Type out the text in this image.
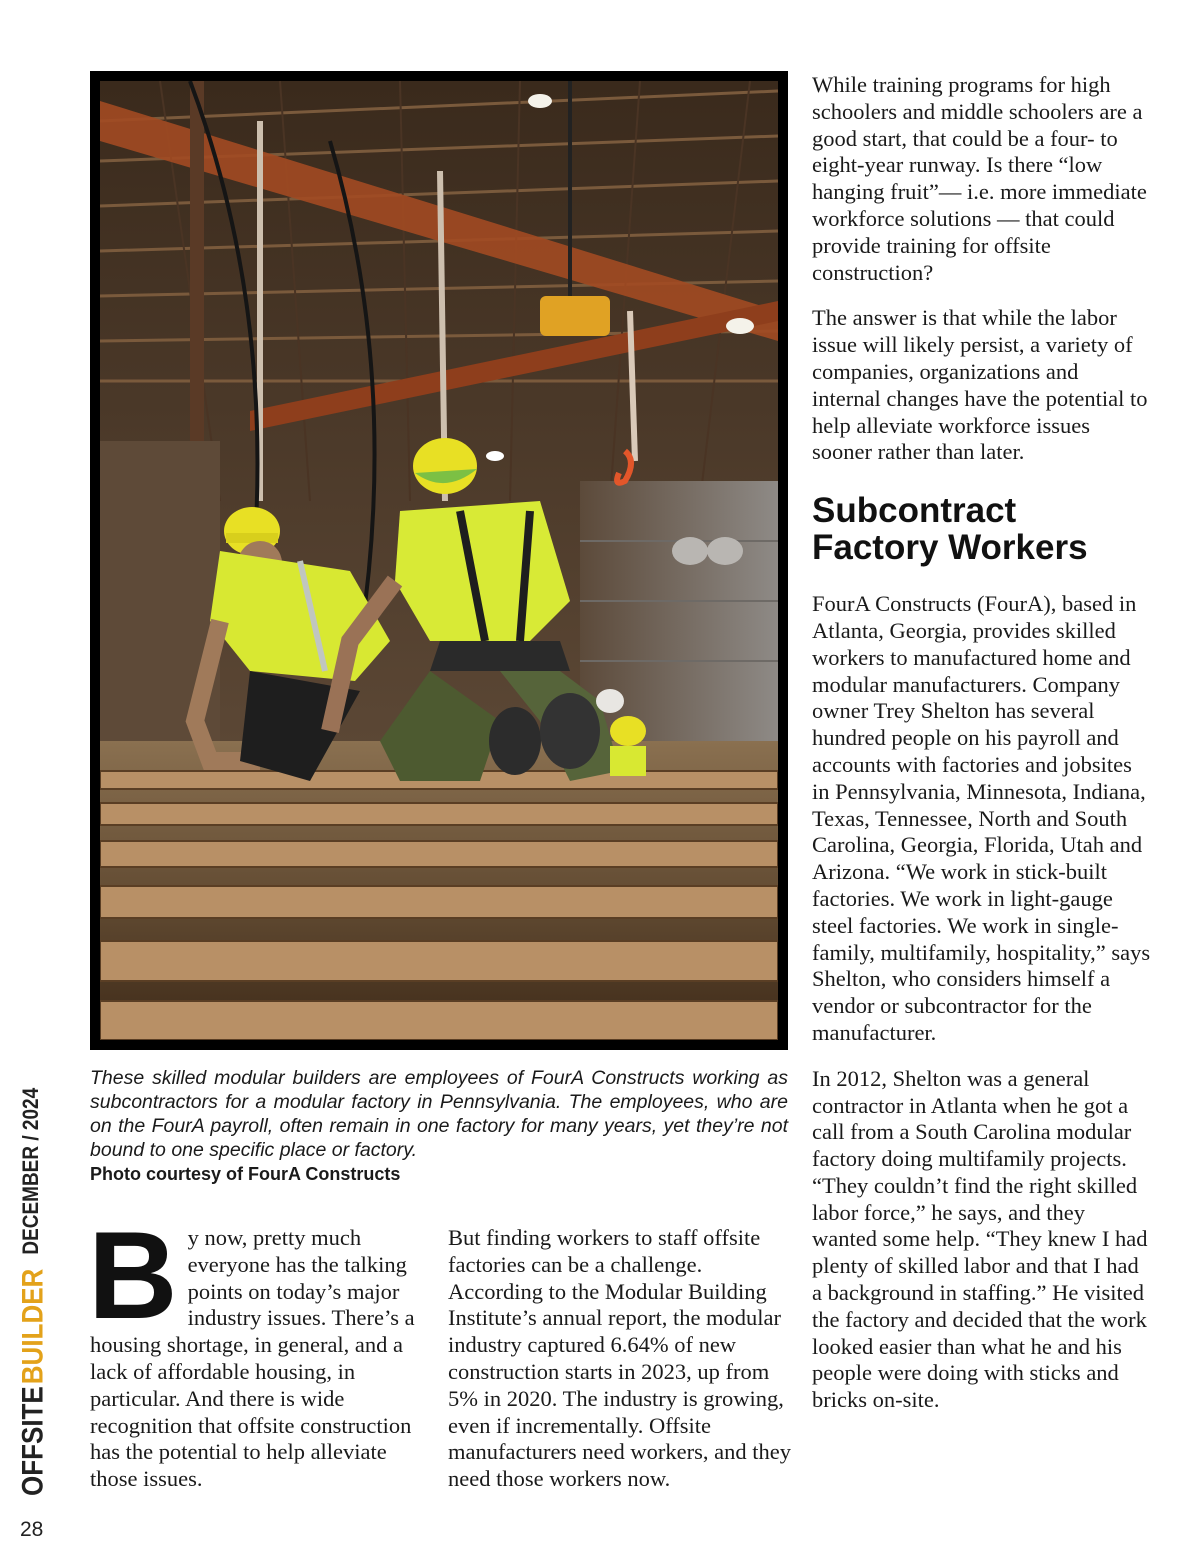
These skilled modular builders are employees of FourA Constructs working as subcontractors for a modular factory in Pennsylvania. The employees, who are on the FourA payroll, often remain in one factory for many years, yet they’re not bound to one specific place or factory.
Photo courtesy of FourA Constructs
B y now, pretty much everyone has the talking points on today’s major industry issues. There’s a housing shortage, in general, and a lack of affordable housing, in particular. And there is wide recognition that offsite construction has the potential to help alleviate those issues.

But finding workers to staff offsite factories can be a challenge. According to the Modular Building Institute’s annual report, the modular industry captured 6.64% of new construction starts in 2023, up from 5% in 2020. The industry is growing, even if incrementally. Offsite manufacturers need workers, and they need those workers now.

While training programs for high schoolers and middle schoolers are a good start, that could be a four- to eight-year runway. Is there “low hanging fruit”— i.e. more immediate workforce solutions — that could provide training for offsite construction?

The answer is that while the labor issue will likely persist, a variety of companies, organizations and internal changes have the potential to help alleviate workforce issues sooner rather than later.

Subcontract Factory Workers

FourA Constructs (FourA), based in Atlanta, Georgia, provides skilled workers to manufactured home and modular manufacturers. Company owner Trey Shelton has several hundred people on his payroll and accounts with factories and jobsites in Pennsylvania, Minnesota, Indiana, Texas, Tennessee, North and South Carolina, Georgia, Florida, Utah and Arizona. “We work in stick-built factories. We work in light-gauge steel factories. We work in single-family, multifamily, hospitality,” says Shelton, who considers himself a vendor or subcontractor for the manufacturer.

In 2012, Shelton was a general contractor in Atlanta when he got a call from a South Carolina modular factory doing multifamily projects. “They couldn’t find the right skilled labor force,” he says, and they wanted some help. “They knew I had plenty of skilled labor and that I had a background in staffing.” He visited the factory and decided that the work looked easier than what he and his people were doing with sticks and bricks on-site.

OFFSITE
BUILDER
DECEMBER / 2024
28
